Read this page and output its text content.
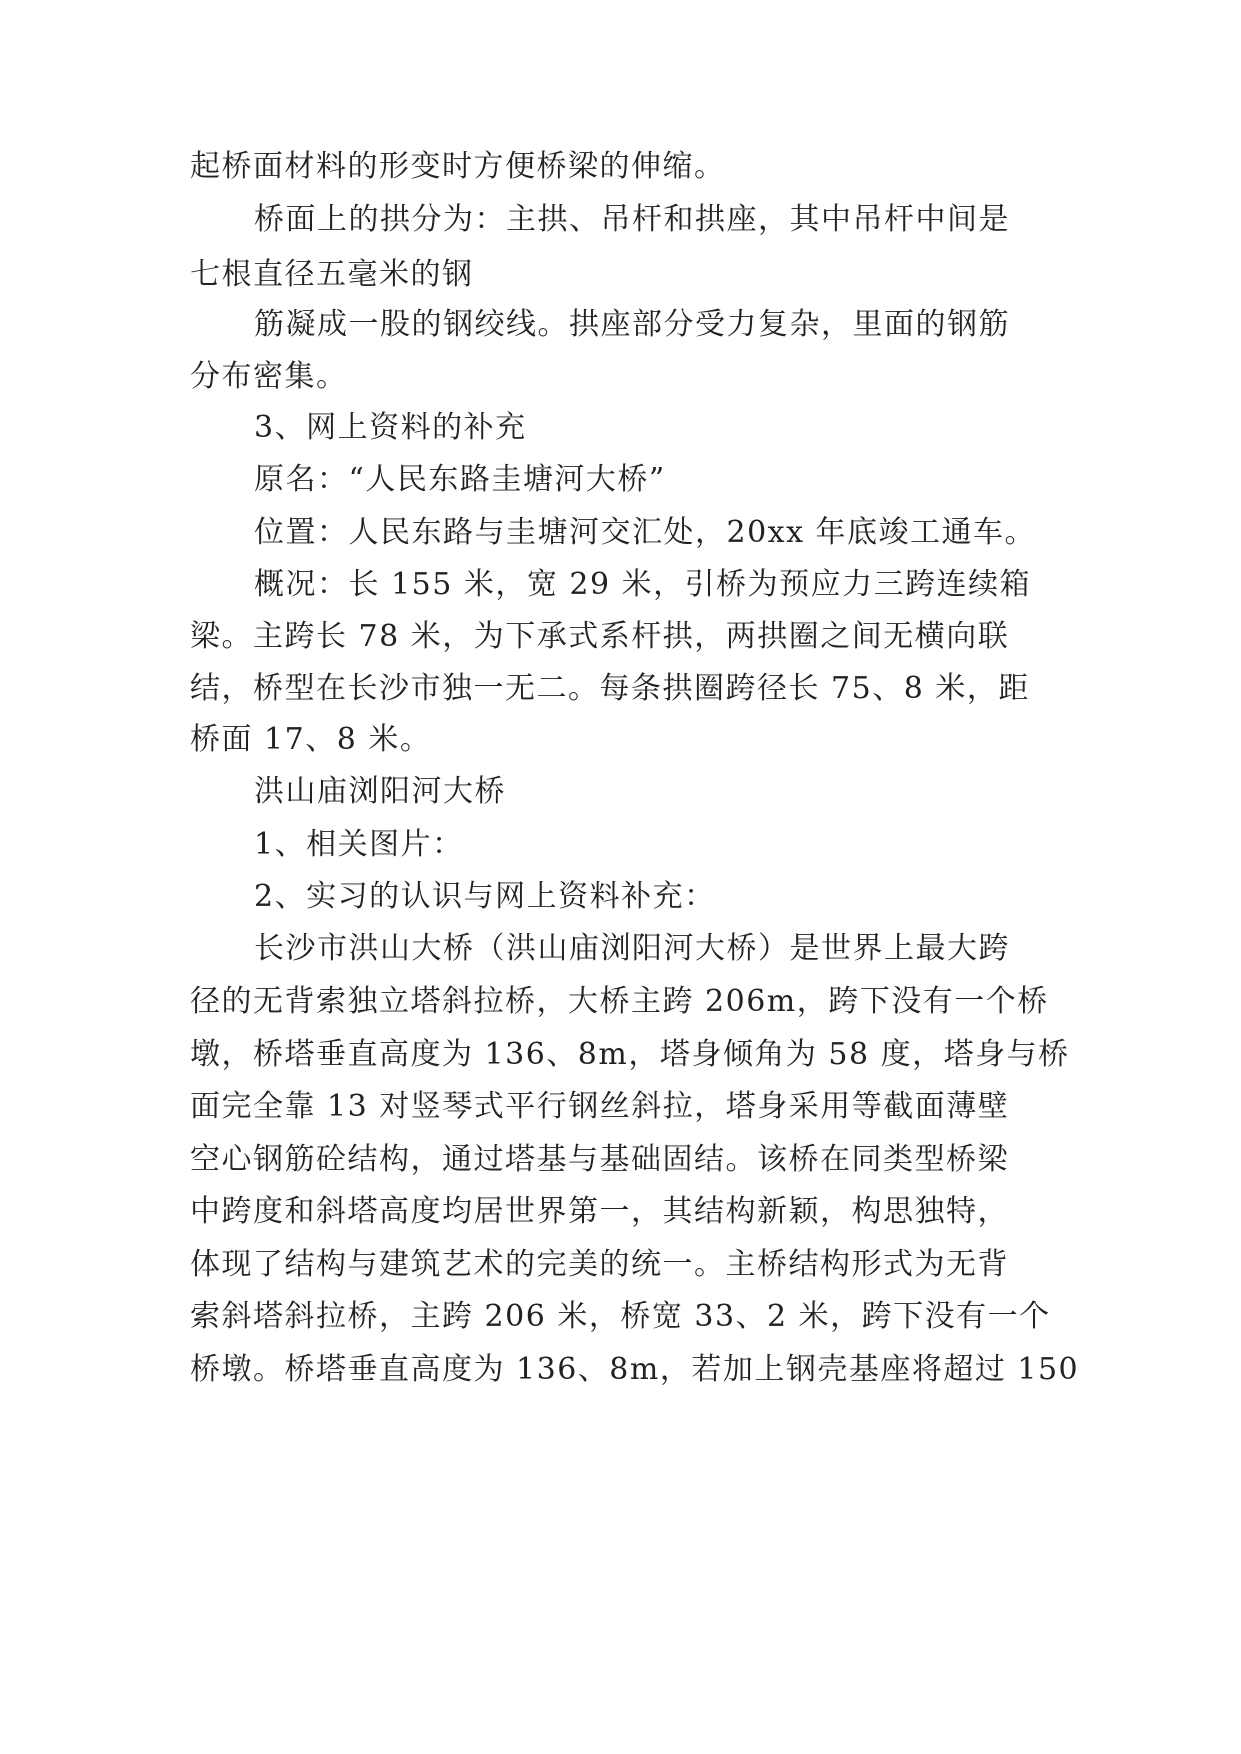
起桥面材料的形变时方便桥梁的伸缩。
桥面上的拱分为：主拱、吊杆和拱座，其中吊杆中间是
七根直径五毫米的钢
筋凝成一股的钢绞线。拱座部分受力复杂，里面的钢筋
分布密集。
3、网上资料的补充
原名：“人民东路圭塘河大桥”
位置：人民东路与圭塘河交汇处，20xx 年底竣工通车。
概况：长 155 米，宽 29 米，引桥为预应力三跨连续箱
梁。主跨长 78 米，为下承式系杆拱，两拱圈之间无横向联
结，桥型在长沙市独一无二。每条拱圈跨径长 75、8 米，距
桥面 17、8 米。
洪山庙浏阳河大桥
1、相关图片：
2、实习的认识与网上资料补充：
长沙市洪山大桥（洪山庙浏阳河大桥）是世界上最大跨
径的无背索独立塔斜拉桥，大桥主跨 206m，跨下没有一个桥
墩，桥塔垂直高度为 136、8m，塔身倾角为 58 度，塔身与桥
面完全靠 13 对竖琴式平行钢丝斜拉，塔身采用等截面薄壁
空心钢筋砼结构，通过塔基与基础固结。该桥在同类型桥梁
中跨度和斜塔高度均居世界第一，其结构新颖，构思独特，
体现了结构与建筑艺术的完美的统一。主桥结构形式为无背
索斜塔斜拉桥，主跨 206 米，桥宽 33、2 米，跨下没有一个
桥墩。桥塔垂直高度为 136、8m，若加上钢壳基座将超过 150
